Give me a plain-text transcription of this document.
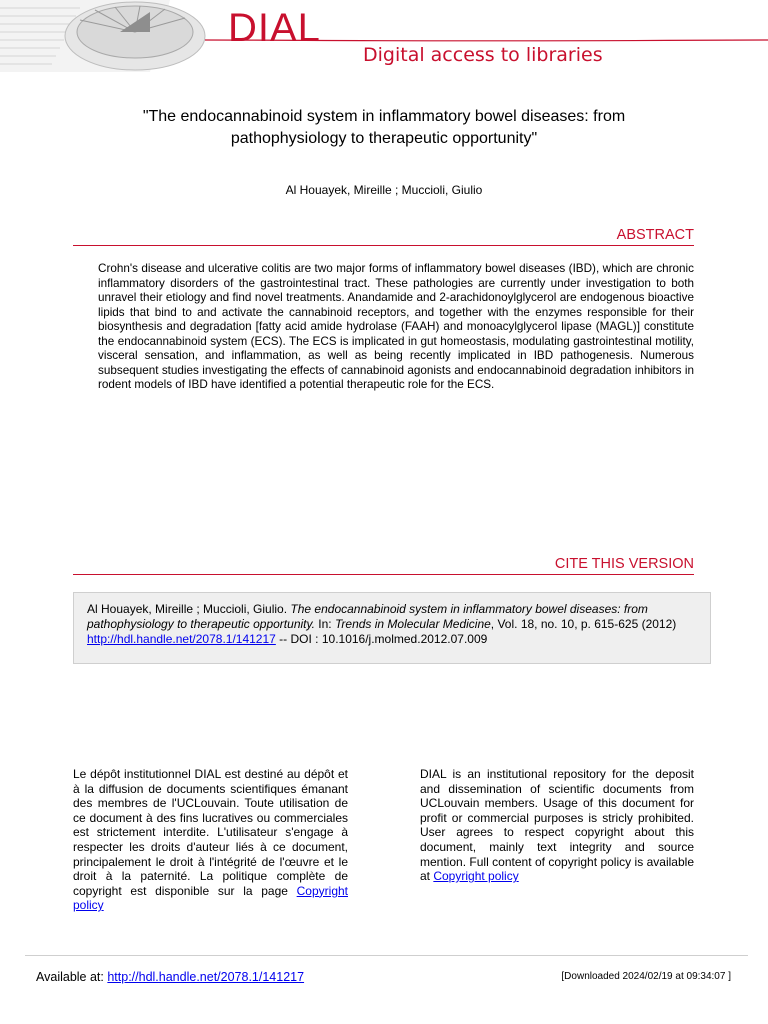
DIAL
Digital access to libraries
"The endocannabinoid system in inflammatory bowel diseases: from pathophysiology to therapeutic opportunity"
Al Houayek, Mireille ; Muccioli, Giulio
ABSTRACT
Crohn's disease and ulcerative colitis are two major forms of inflammatory bowel diseases (IBD), which are chronic inflammatory disorders of the gastrointestinal tract. These pathologies are currently under investigation to both unravel their etiology and find novel treatments. Anandamide and 2-arachidonoylglycerol are endogenous bioactive lipids that bind to and activate the cannabinoid receptors, and together with the enzymes responsible for their biosynthesis and degradation [fatty acid amide hydrolase (FAAH) and monoacylglycerol lipase (MAGL)] constitute the endocannabinoid system (ECS). The ECS is implicated in gut homeostasis, modulating gastrointestinal motility, visceral sensation, and inflammation, as well as being recently implicated in IBD pathogenesis. Numerous subsequent studies investigating the effects of cannabinoid agonists and endocannabinoid degradation inhibitors in rodent models of IBD have identified a potential therapeutic role for the ECS.
CITE THIS VERSION
Al Houayek, Mireille ; Muccioli, Giulio. The endocannabinoid system in inflammatory bowel diseases: from pathophysiology to therapeutic opportunity. In: Trends in Molecular Medicine, Vol. 18, no. 10, p. 615-625 (2012) http://hdl.handle.net/2078.1/141217 -- DOI : 10.1016/j.molmed.2012.07.009
Le dépôt institutionnel DIAL est destiné au dépôt et à la diffusion de documents scientifiques émanant des membres de l'UCLouvain. Toute utilisation de ce document à des fins lucratives ou commerciales est strictement interdite. L'utilisateur s'engage à respecter les droits d'auteur liés à ce document, principalement le droit à l'intégrité de l'œuvre et le droit à la paternité. La politique complète de copyright est disponible sur la page Copyright policy
DIAL is an institutional repository for the deposit and dissemination of scientific documents from UCLouvain members. Usage of this document for profit or commercial purposes is stricly prohibited. User agrees to respect copyright about this document, mainly text integrity and source mention. Full content of copyright policy is available at Copyright policy
Available at: http://hdl.handle.net/2078.1/141217	[Downloaded 2024/02/19 at 09:34:07 ]
